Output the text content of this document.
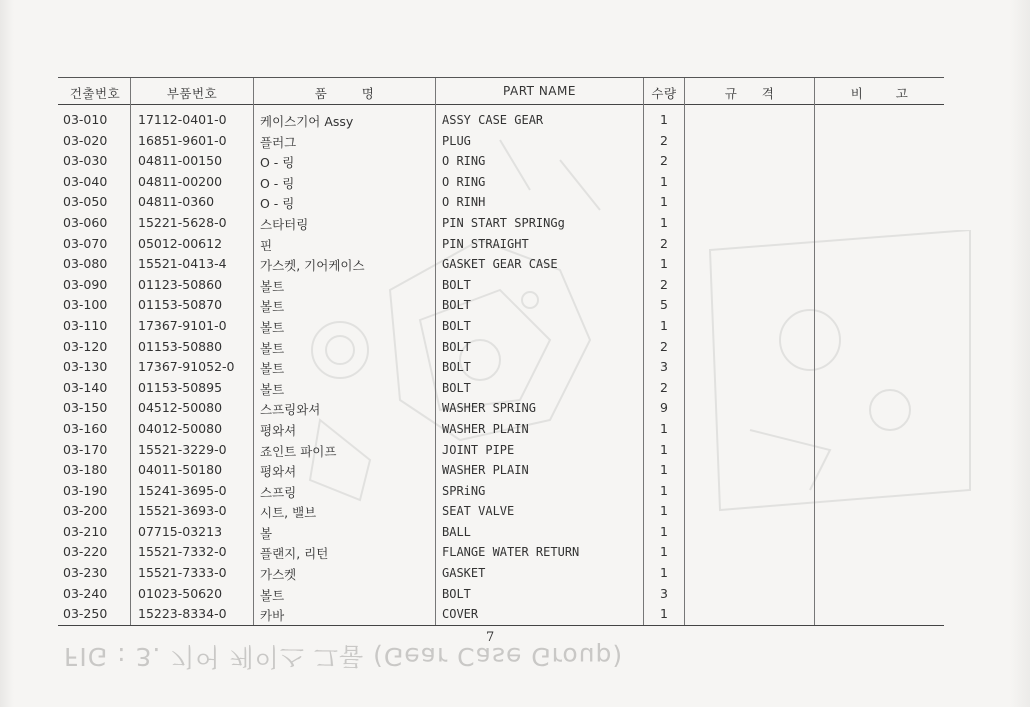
건출번호	부품번호	품 명	PART NAME	수량	규 격	비 고
03-010 17112-0401-0	케이스기어 Assy	ASSY CASE GEAR	1
03-020 16851-9601-0	플러그	PLUG	2
03-030 04811-00150	O - 링	O RING	2
03-040 04811-00200	O - 링	O RING	1
03-050 04811-0360	O - 링	O RINH	1
03-060 15221-5628-0	스타터링	PIN START SPRINGg	1
03-070 05012-00612	핀	PIN STRAIGHT	2
03-080 15521-0413-4	가스켓, 기어케이스	GASKET GEAR CASE	1
03-090 01123-50860	볼트	BOLT	2
03-100 01153-50870	볼트	BOLT	5
03-110 17367-9101-0	볼트	BOLT	1
03-120 01153-50880	볼트	BOLT	2
03-130 17367-91052-0 볼트	BOLT	3
03-140 01153-50895	볼트	BOLT	2
03-150 04512-50080	스프링와셔	WASHER SPRING	9
03-160 04012-50080	평와셔	WASHER PLAIN	1
03-170 15521-3229-0	죠인트 파이프	JOINT PIPE	1
03-180 04011-50180	평와셔	WASHER PLAIN	1
03-190 15241-3695-0	스프링	SPRiNG	1
03-200 15521-3693-0	시트, 밸브	SEAT VALVE	1
03-210 07715-03213	볼	BALL	1
03-220 15521-7332-0	플랜지, 리턴	FLANGE WATER RETURN	1
03-230 15521-7333-0	가스켓	GASKET	1
03-240 01023-50620	볼트	BOLT	3
03-250 15223-8334-0	카바	COVER	1
7
FIG : 3. 기어 케이스 그룹 (Gear Case Group)
